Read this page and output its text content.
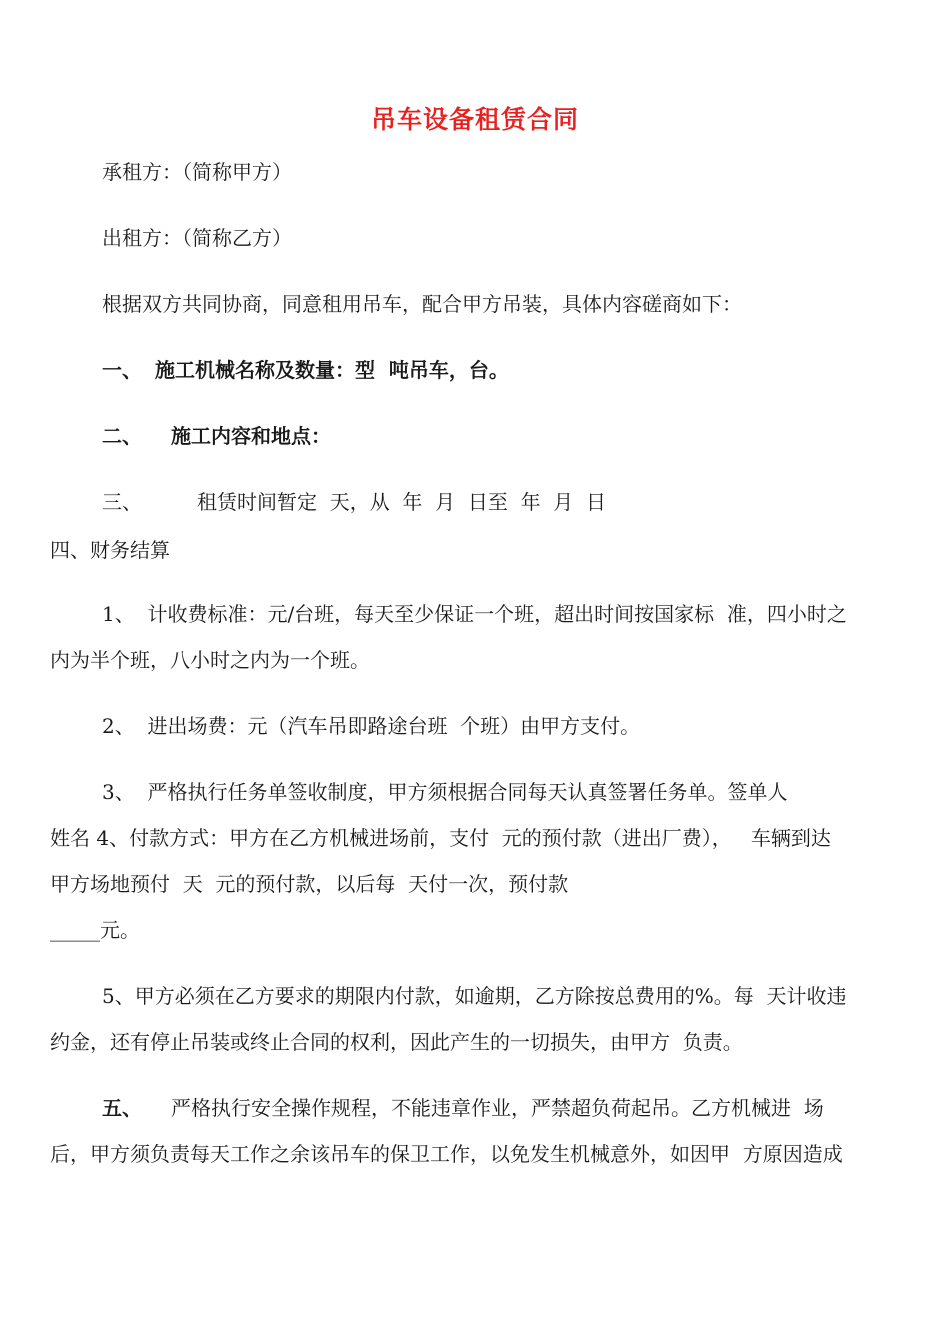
吊车设备租赁合同
承租方：（简称甲方）
出租方：（简称乙方）
根据双方共同协商，同意租用吊车，配合甲方吊装，具体内容磋商如下：
一、 施工机械名称及数量：型  吨吊车，台。
二、 施工内容和地点：
三、	租赁时间暂定  天，从  年  月  日至  年  月  日
四、财务结算
1、  计收费标准：元/台班，每天至少保证一个班，超出时间按国家标  准，四小时之
内为半个班，八小时之内为一个班。
2、  进出场费：元（汽车吊即路途台班  个班）由甲方支付。
3、  严格执行任务单签收制度，甲方须根据合同每天认真签署任务单。签单人
姓名 4、付款方式：甲方在乙方机械进场前，支付  元的预付款（进出厂费），   车辆到达
甲方场地预付  天  元的预付款，以后每  天付一次，预付款
_____元。
5、甲方必须在乙方要求的期限内付款，如逾期，乙方除按总费用的%。每  天计收违
约金，还有停止吊装或终止合同的权利，因此产生的一切损失，由甲方  负责。
五、 严格执行安全操作规程，不能违章作业，严禁超负荷起吊。乙方机械进  场
后，甲方须负责每天工作之余该吊车的保卫工作，以免发生机械意外，如因甲  方原因造成
